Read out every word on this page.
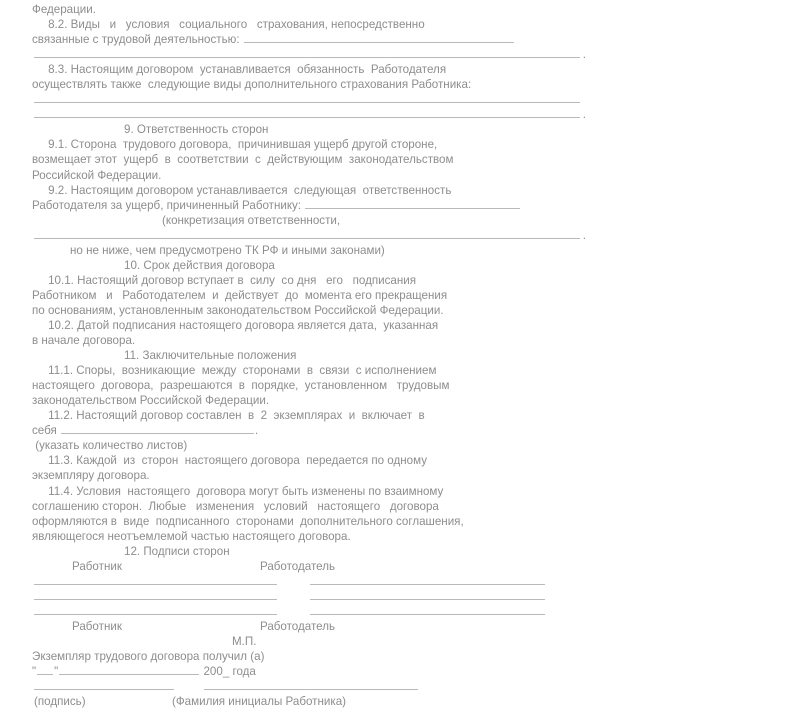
Федерации.

8.2. Виды   и   условия   социального   страхования, непосредственно

связанные с трудовой деятельностью:

.

8.3. Настоящим договором  устанавливается  обязанность  Работодателя

осуществлять также  следующие виды дополнительного страхования Работника:

.

9. Ответственность сторон

9.1. Сторона  трудового договора,  причинившая ущерб другой стороне,

возмещает этот  ущерб  в  соответствии  с  действующим  законодательством

Российской Федерации.

9.2. Настоящим договором устанавливается  следующая  ответственность

Работодателя за ущерб, причиненный Работнику:

(конкретизация ответственности,

.

но не ниже, чем предусмотрено ТК РФ и иными законами)

10. Срок действия договора

10.1. Настоящий договор вступает в  силу  со дня   его   подписания

Работником   и   Работодателем  и  действует  до  момента его прекращения

по основаниям, установленным законодательством Российской Федерации.

10.2. Датой подписания настоящего договора является дата,  указанная

в начале договора.

11. Заключительные положения

11.1. Споры,  возникающие  между  сторонами  в  связи  с исполнением

настоящего  договора,  разрешаются  в  порядке,  установленном   трудовым

законодательством Российской Федерации.

11.2. Настоящий договор составлен  в  2  экземплярах  и  включает  в

себя	.

(указать количество листов)

11.3. Каждой  из  сторон  настоящего договора  передается по одному

экземпляру договора.

11.4. Условия  настоящего  договора могут быть изменены по взаимному

соглашению сторон.  Любые   изменения   условий   настоящего   договора

оформляются в  виде  подписанного  сторонами  дополнительного соглашения,

являющегося неотъемлемой частью настоящего договора.

12. Подписи сторон

Работник	Работодатель

Работник	Работодатель

М.П.

Экземпляр трудового договора получил (а)

" "	200_ года

(подпись)	(Фамилия инициалы Работника)
